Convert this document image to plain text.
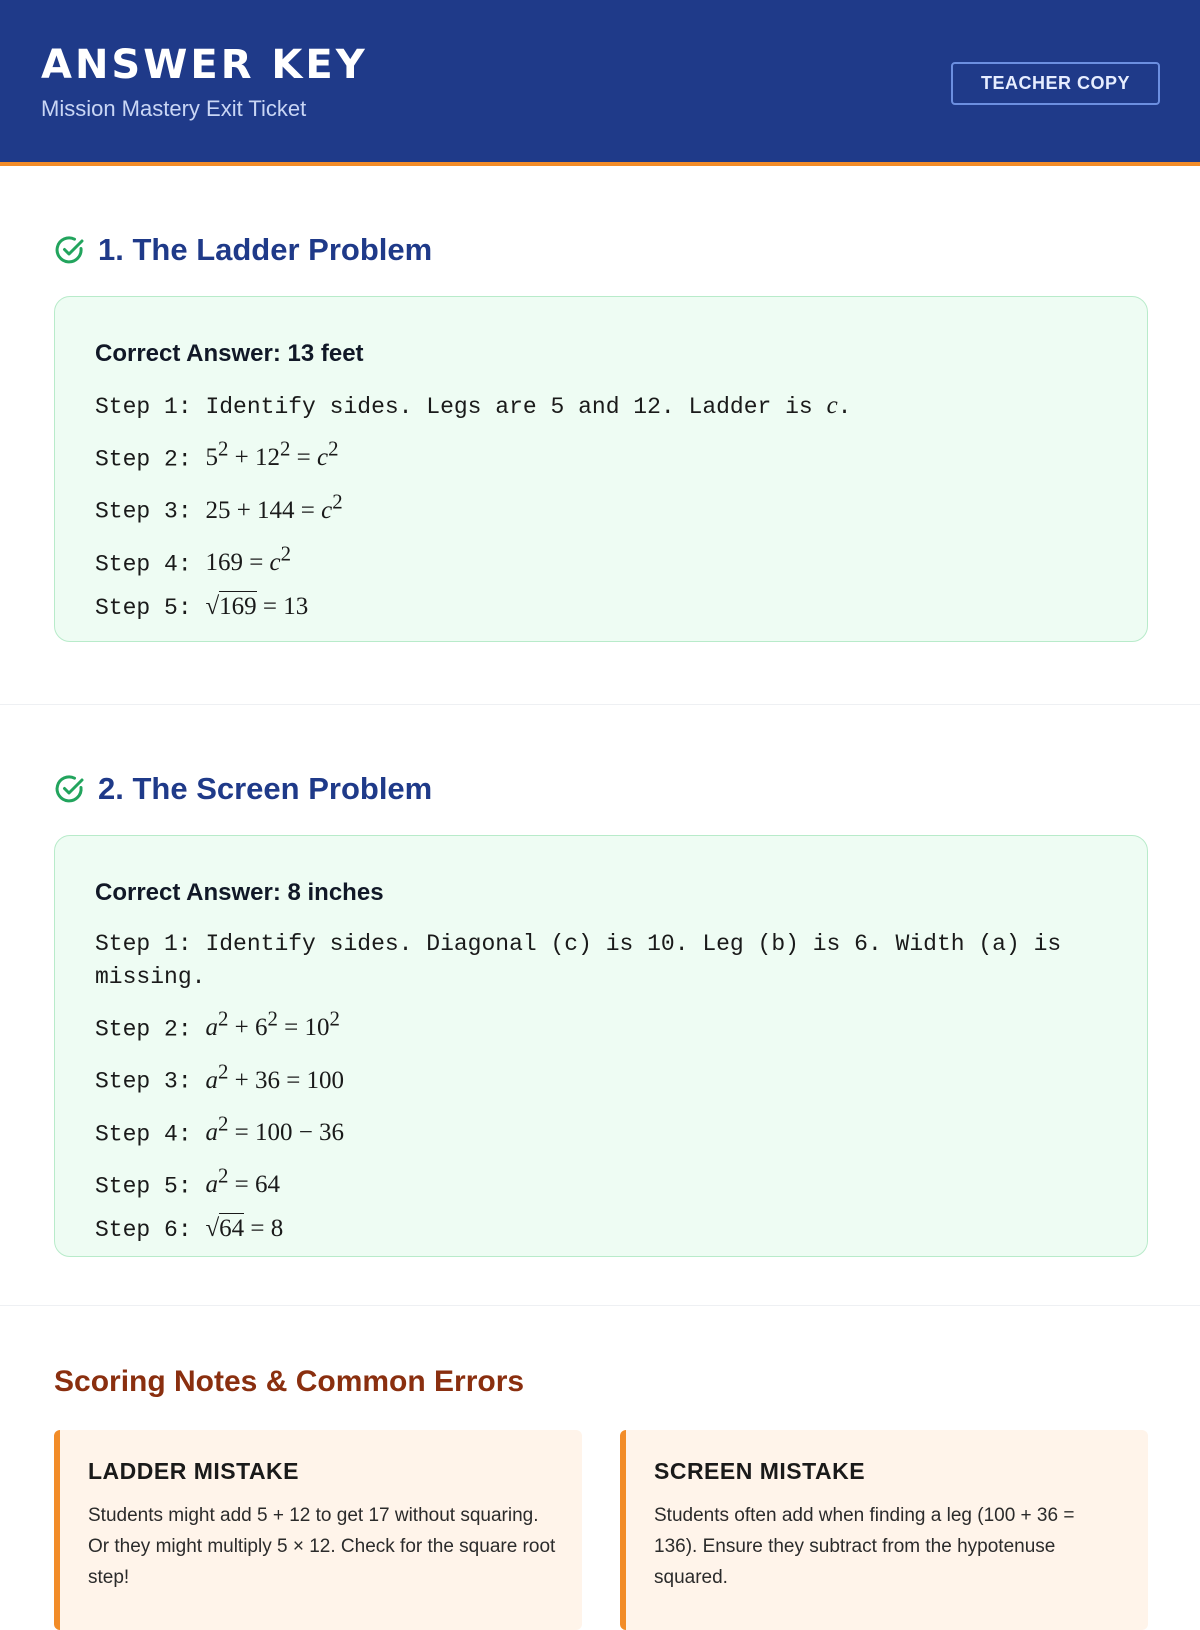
ANSWER KEY
Mission Mastery Exit Ticket
TEACHER COPY
1. The Ladder Problem
Correct Answer: 13 feet
Step 1: Identify sides. Legs are 5 and 12. Ladder is c.
Step 2: $5^2 + 12^2 = c^2$
Step 3: $25 + 144 = c^2$
Step 4: $169 = c^2$
Step 5: √169 = 13
2. The Screen Problem
Correct Answer: 8 inches
Step 1: Identify sides. Diagonal (c) is 10. Leg (b) is 6. Width (a) is missing.
Step 2: $a^2 + 6^2 = 10^2$
Step 3: $a^2 + 36 = 100$
Step 4: $a^2 = 100 - 36$
Step 5: $a^2 = 64$
Step 6: √64 = 8
Scoring Notes & Common Errors
LADDER MISTAKE
Students might add 5 + 12 to get 17 without squaring. Or they might multiply 5 × 12. Check for the square root step!
SCREEN MISTAKE
Students often add when finding a leg (100 + 36 = 136). Ensure they subtract from the hypotenuse squared.
